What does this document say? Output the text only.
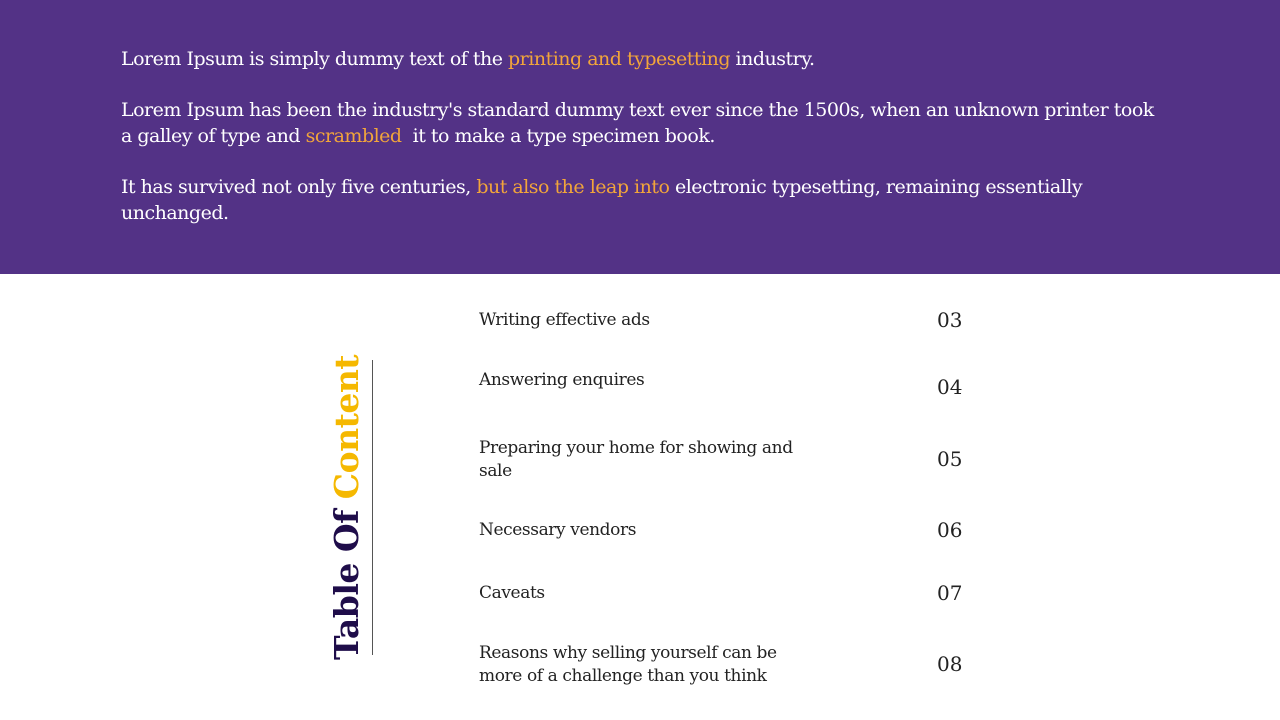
Lorem Ipsum is simply dummy text of the printing and typesetting industry.

Lorem Ipsum has been the industry's standard dummy text ever since the 1500s, when an unknown printer took a galley of type and scrambled  it to make a type specimen book.

It has survived not only five centuries, but also the leap into electronic typesetting, remaining essentially unchanged.

Table Of Content
Writing effective ads	03
Answering enquires	04
Preparing your home for showing and sale	05
Necessary vendors	06
Caveats	07
Reasons why selling yourself can be more of a challenge than you think	08
